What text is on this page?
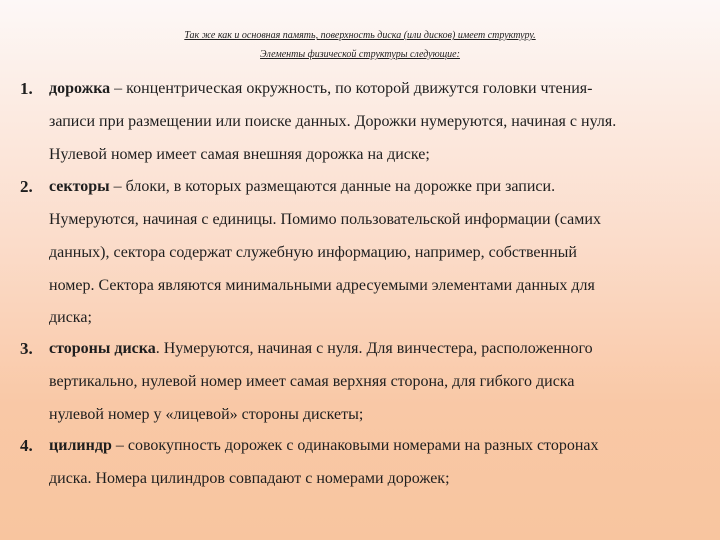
Так же как и основная память, поверхность диска (или дисков) имеет структуру.
Элементы физической структуры следующие:
1.	дорожка – концентрическая окружность, по которой движутся головки чтения-
записи при размещении или поиске данных. Дорожки нумеруются, начиная с нуля.
Нулевой номер имеет самая внешняя дорожка на диске;
2.	секторы – блоки, в которых размещаются данные на дорожке при записи.
Нумеруются, начиная с единицы. Помимо пользовательской информации (самих
данных), сектора содержат служебную информацию, например, собственный
номер. Сектора являются минимальными адресуемыми элементами данных для
диска;
3.	стороны диска. Нумеруются, начиная с нуля. Для винчестера, расположенного
вертикально, нулевой номер имеет самая верхняя сторона, для гибкого диска
нулевой номер у «лицевой» стороны дискеты;
4.	цилиндр – совокупность дорожек с одинаковыми номерами на разных сторонах
диска. Номера цилиндров совпадают с номерами дорожек;
